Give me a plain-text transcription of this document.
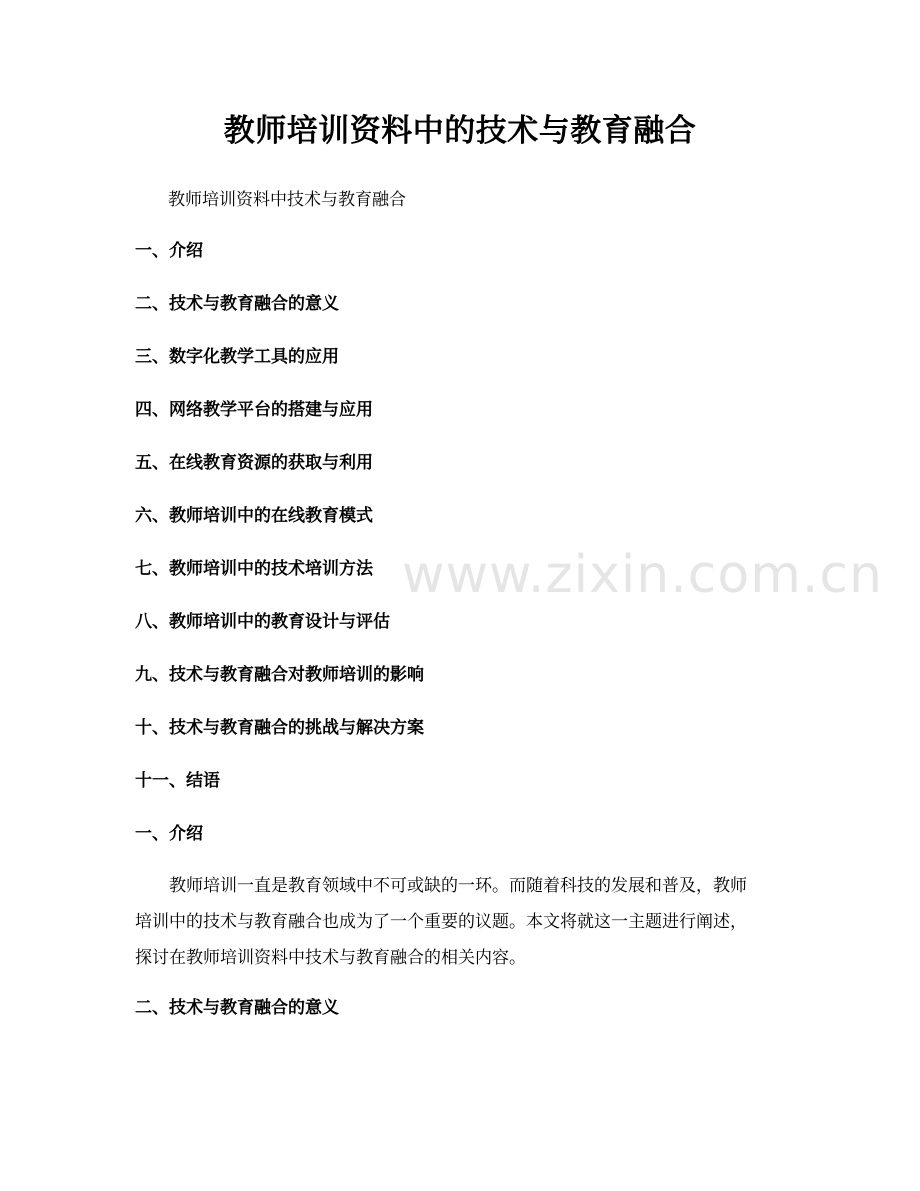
教师培训资料中的技术与教育融合
教师培训资料中技术与教育融合
一、介绍
二、技术与教育融合的意义
三、数字化教学工具的应用
四、网络教学平台的搭建与应用
五、在线教育资源的获取与利用
六、教师培训中的在线教育模式
七、教师培训中的技术培训方法
八、教师培训中的教育设计与评估
九、技术与教育融合对教师培训的影响
十、技术与教育融合的挑战与解决方案
十一、结语
一、介绍
教师培训一直是教育领域中不可或缺的一环。而随着科技的发展和普及，教师
培训中的技术与教育融合也成为了一个重要的议题。本文将就这一主题进行阐述，
探讨在教师培训资料中技术与教育融合的相关内容。
二、技术与教育融合的意义
www.zixin.com.cn
